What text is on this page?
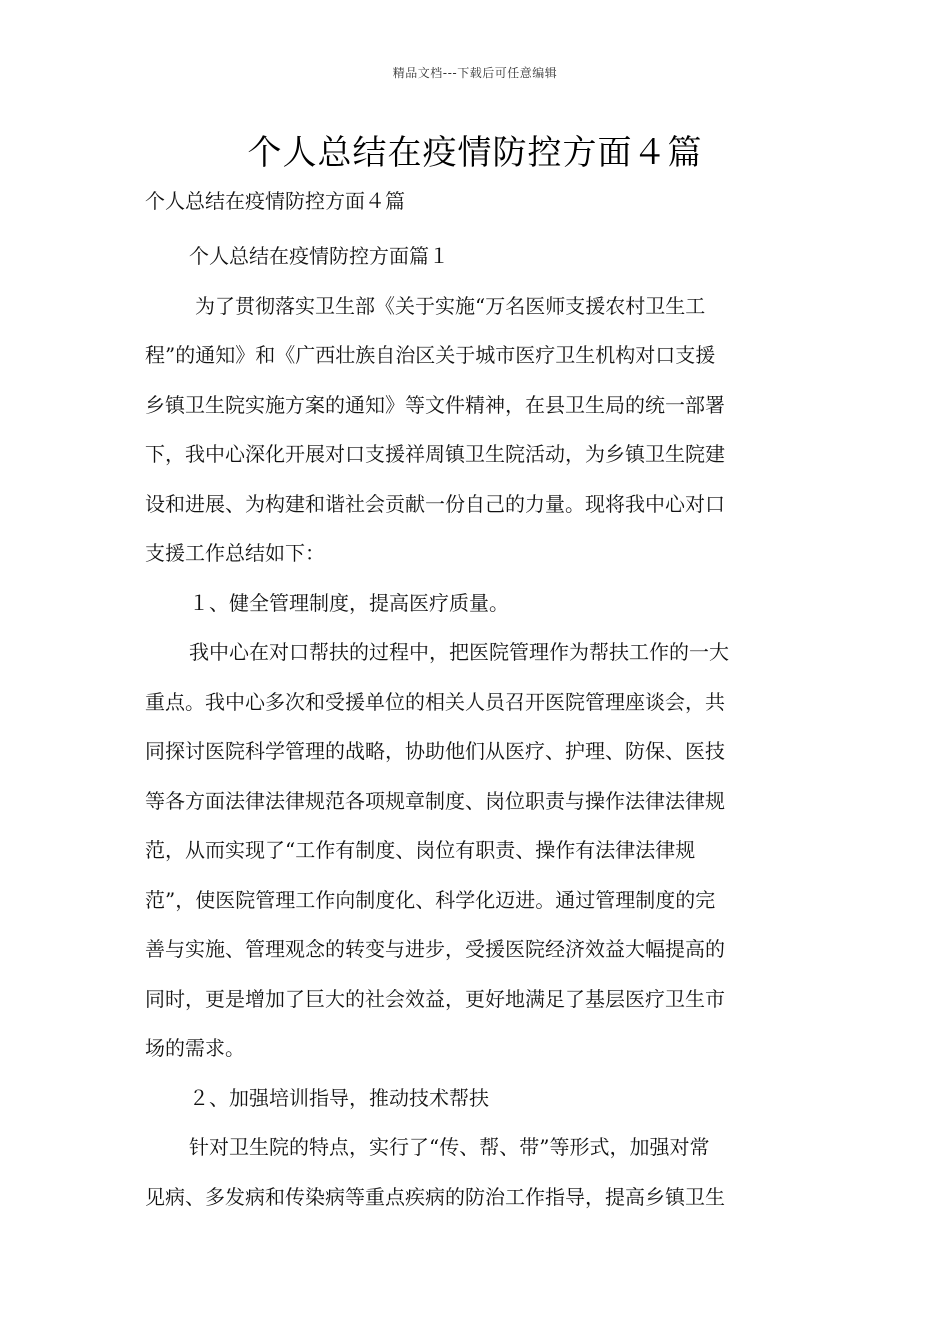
精品文档---下载后可任意编辑
个人总结在疫情防控方面４篇

个人总结在疫情防控方面４篇

个人总结在疫情防控方面篇１

为了贯彻落实卫生部《关于实施“万名医师支援农村卫生工

程”的通知》和《广西壮族自治区关于城市医疗卫生机构对口支援

乡镇卫生院实施方案的通知》等文件精神，在县卫生局的统一部署

下，我中心深化开展对口支援祥周镇卫生院活动，为乡镇卫生院建

设和进展、为构建和谐社会贡献一份自己的力量。现将我中心对口

支援工作总结如下：

１、健全管理制度，提高医疗质量。

我中心在对口帮扶的过程中，把医院管理作为帮扶工作的一大

重点。我中心多次和受援单位的相关人员召开医院管理座谈会，共

同探讨医院科学管理的战略，协助他们从医疗、护理、防保、医技

等各方面法律法律规范各项规章制度、岗位职责与操作法律法律规

范，从而实现了“工作有制度、岗位有职责、操作有法律法律规

范”，使医院管理工作向制度化、科学化迈进。通过管理制度的完

善与实施、管理观念的转变与进步，受援医院经济效益大幅提高的

同时，更是增加了巨大的社会效益，更好地满足了基层医疗卫生市

场的需求。

２、加强培训指导，推动技术帮扶

针对卫生院的特点，实行了“传、帮、带”等形式，加强对常

见病、多发病和传染病等重点疾病的防治工作指导，提高乡镇卫生
